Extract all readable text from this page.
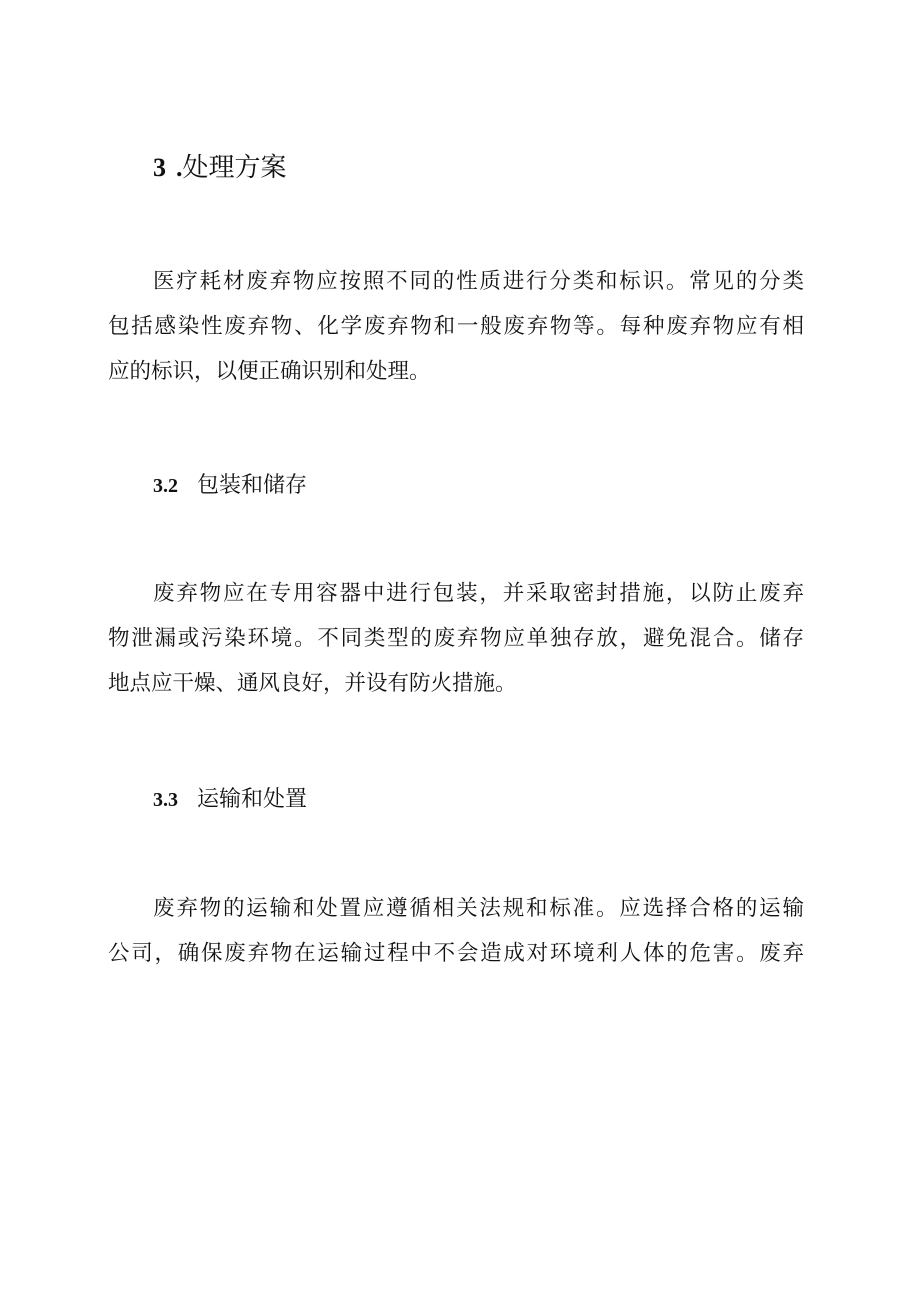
3 .处理方案
医疗耗材废弃物应按照不同的性质进行分类和标识。常见的分类
包括感染性废弃物、化学废弃物和一般废弃物等。每种废弃物应有相
应的标识，以便正确识别和处理。
3.2 包装和储存
废弃物应在专用容器中进行包装，并采取密封措施，以防止废弃
物泄漏或污染环境。不同类型的废弃物应单独存放，避免混合。储存
地点应干燥、通风良好，并设有防火措施。
3.3 运输和处置
废弃物的运输和处置应遵循相关法规和标准。应选择合格的运输
公司，确保废弃物在运输过程中不会造成对环境利人体的危害。废弃
